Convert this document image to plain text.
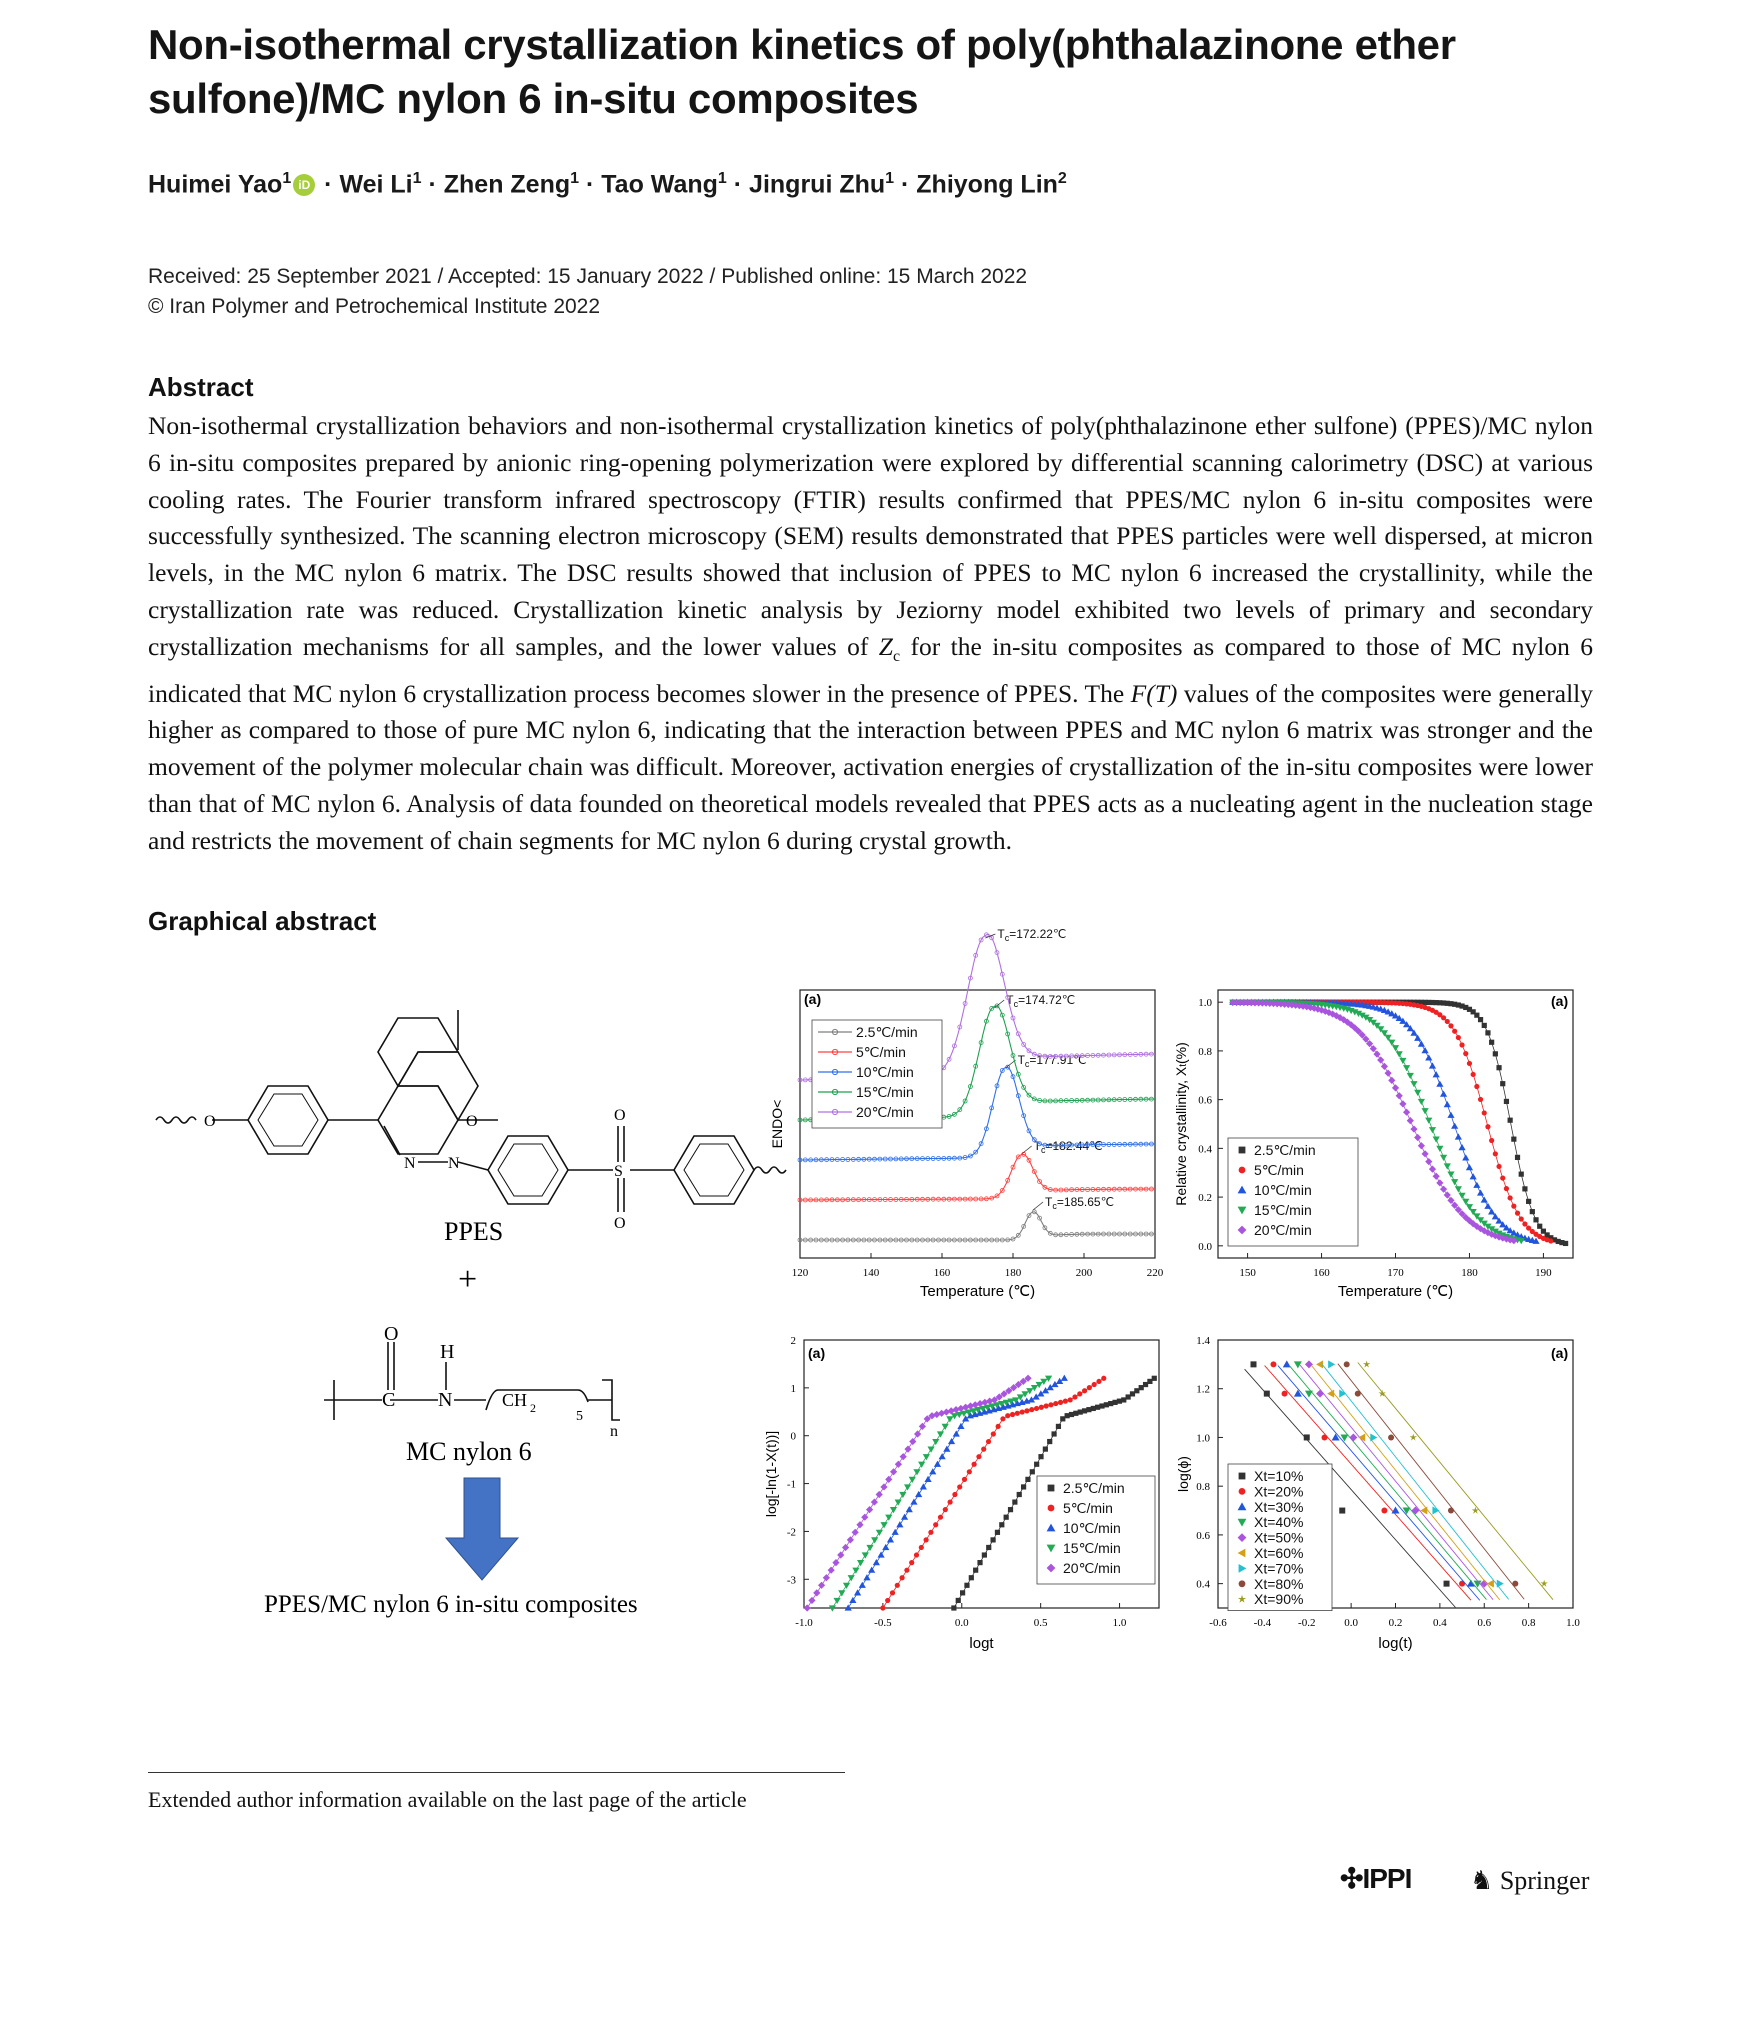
Non-isothermal crystallization kinetics of poly(phthalazinone ether sulfone)/MC nylon 6 in-situ composites
Huimei Yao$^1$ iD · Wei $Li^1$ · Zhen Zeng$^1$ · Tao Wang$^1$ · Jingrui Zhu$^1$ · Zhiyong Lin$^2$
Received: 25 September 2021 / Accepted: 15 January 2022 / Published online: 15 March 2022
© Iran Polymer and Petrochemical Institute 2022
Abstract
Non-isothermal crystallization behaviors and non-isothermal crystallization kinetics of poly(phthalazinone ether sulfone) (PPES)/MC nylon 6 in-situ composites prepared by anionic ring-opening polymerization were explored by differential scanning calorimetry (DSC) at various cooling rates. The Fourier transform infrared spectroscopy (FTIR) results confirmed that PPES/MC nylon 6 in-situ composites were successfully synthesized. The scanning electron microscopy (SEM) results demonstrated that PPES particles were well dispersed, at micron levels, in the MC nylon 6 matrix. The DSC results showed that inclusion of PPES to MC nylon 6 increased the crystallinity, while the crystallization rate was reduced. Crystallization kinetic analysis by Jeziorny model exhibited two levels of primary and secondary crystallization mechanisms for all samples, and the lower values of $Z_c$ for the in-situ composites as compared to those of MC nylon 6 indicated that MC nylon 6 crystallization process becomes slower in the presence of PPES. The F(T) values of the composites were generally higher as compared to those of pure MC nylon 6, indicating that the interaction between PPES and MC nylon 6 matrix was stronger and the movement of the polymer molecular chain was difficult. Moreover, activation energies of crystallization of the in-situ composites were lower than that of MC nylon 6. Analysis of data founded on theoretical models revealed that PPES acts as a nucleating agent in the nucleation stage and restricts the movement of chain segments for MC nylon 6 during crystal growth.
Graphical abstract
O	O
N N	S
O
O
PPES
+
O
H
C N	CH 2
5
n
MC nylon 6
PPES/MC nylon 6 in-situ composites
(a)
120	140	160	180	200	220
Temperature (℃)
ENDO<
$T_c=185.65℃$
$T_c=182.44℃$
$T_c=177.91℃$
$T_c=174.72℃$
$T_c=172.22℃$
2.5℃/min
5℃/min
10℃/min
15℃/min
20℃/min
(a)
150	160	170	180	190
0.0
0.2
0.4
0.6
0.8
1.0
Temperature (℃)
Relative crystallinity, Xt(%)
2.5℃/min
5℃/min
10℃/min
15℃/min
20℃/min
(a)
-1.0	-0.5	0.0	0.5	1.0
-3
-2
-1
0
1
2
logt
log[-ln(1-X(t))]	2.5℃/min
5℃/min
10℃/min
15℃/min
20℃/min
(a)
-0.6 -0.4 -0.2	0.0	0.2	0.4	0.6	0.8	1.0
0.4
0.6
0.8
1.0
1.2
1.4
log(t)
log(ϕ)	Xt=10%
Xt=20%
Xt=30%
Xt=40%
Xt=50%
Xt=60%
Xt=70%
Xt=80%
Xt=90%
Extended author information available on the last page of the article
✣IPPI ♞ Springer
